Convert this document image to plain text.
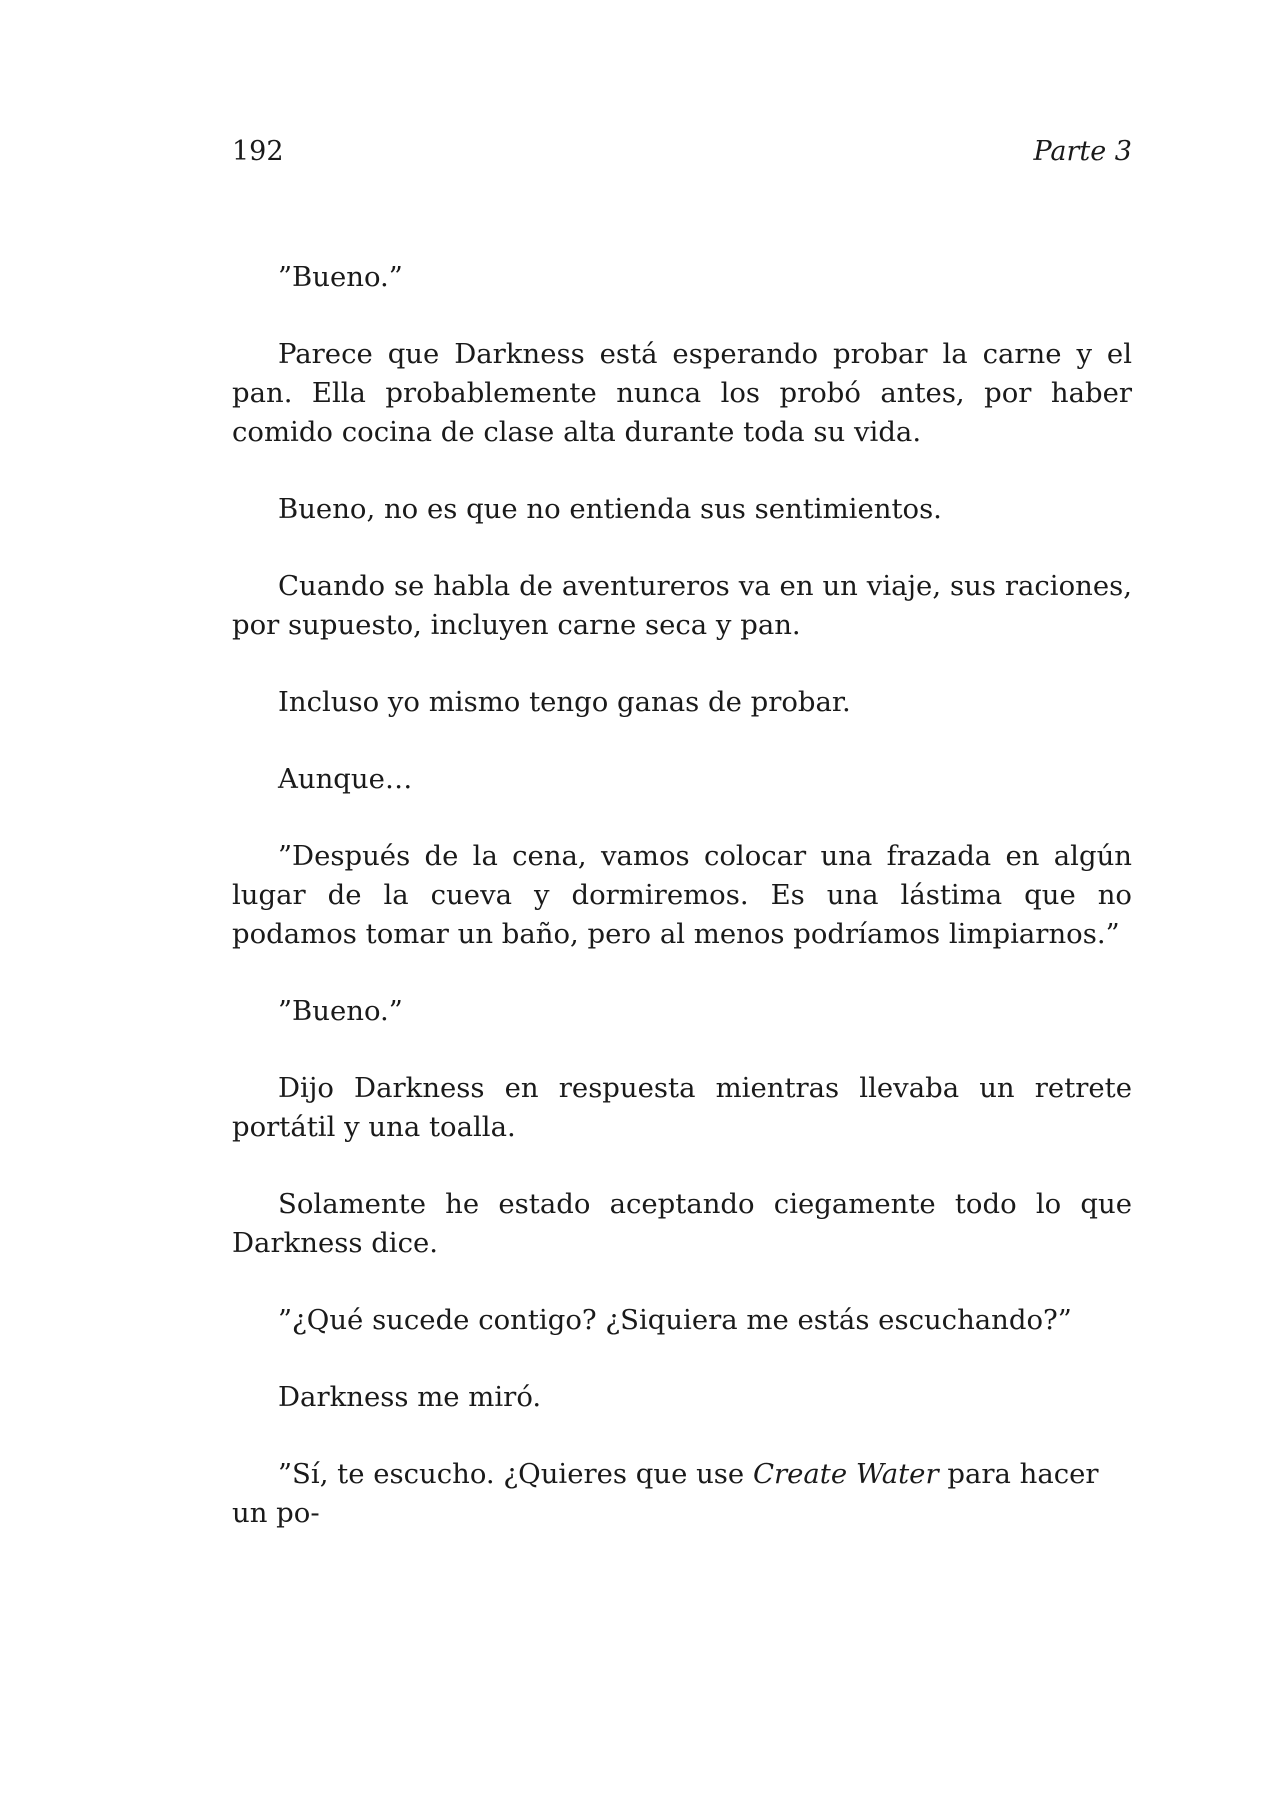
192	Parte 3

”Bueno.”

Parece que Darkness está esperando probar la carne y el pan. Ella probablemente nunca los probó antes, por haber comido cocina de clase alta durante toda su vida.

Bueno, no es que no entienda sus sentimientos.

Cuando se habla de aventureros va en un viaje, sus raciones, por supuesto, incluyen carne seca y pan.

Incluso yo mismo tengo ganas de probar.

Aunque…

”Después de la cena, vamos colocar una frazada en algún lugar de la cueva y dormiremos. Es una lástima que no podamos tomar un baño, pero al menos podríamos limpiarnos.”

”Bueno.”

Dijo Darkness en respuesta mientras llevaba un retrete portátil y una toalla.

Solamente he estado aceptando ciegamente todo lo que Darkness dice.

”¿Qué sucede contigo? ¿Siquiera me estás escuchando?”

Darkness me miró.

”Sí, te escucho. ¿Quieres que use Create Water para hacer un po-
